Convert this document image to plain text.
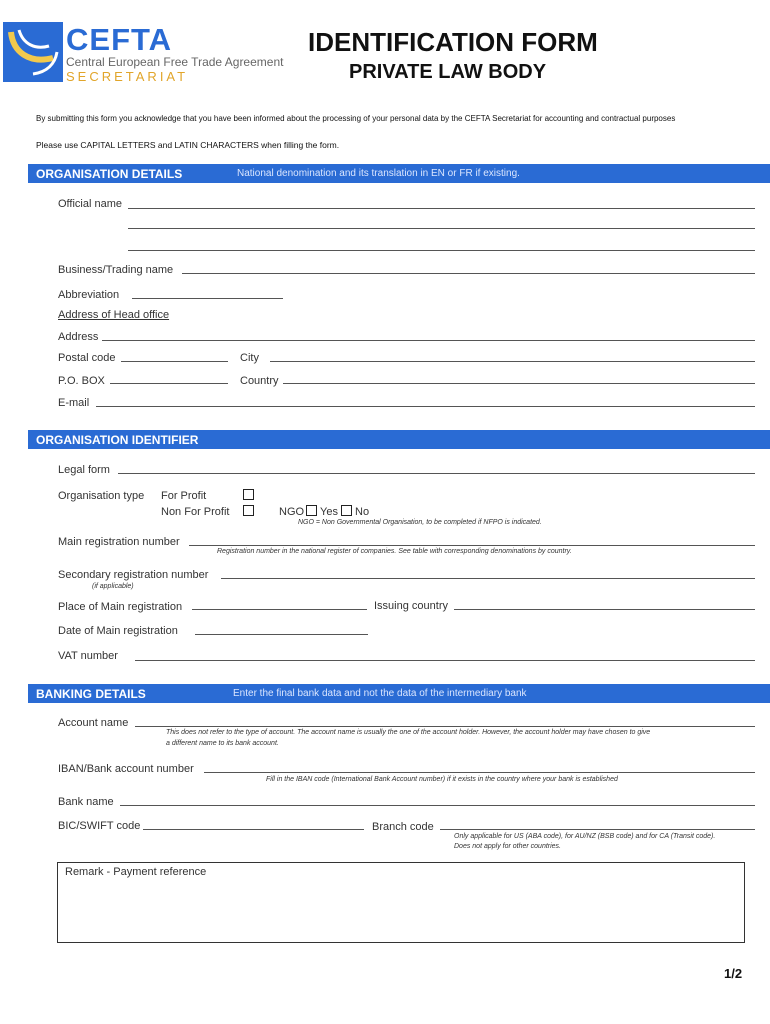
CEFTA
Central European Free Trade Agreement
SECRETARIAT
IDENTIFICATION FORM
PRIVATE LAW BODY
By submitting this form you acknowledge that you have been informed about the processing of your personal data by the CEFTA Secretariat for accounting and contractual purposes
Please use CAPITAL LETTERS and LATIN CHARACTERS when filling the form.
ORGANISATION DETAILS	National denomination and its translation in EN or FR if existing.
Official name
Business/Trading name
Abbreviation
Address of Head office
Address
Postal code	City
P.O. BOX	Country
E-mail
ORGANISATION IDENTIFIER
Legal form
Organisation type For Profit
Non For Profit	NGO Yes No
NGO = Non Governmental Organisation, to be completed if NFPO is indicated.
Main registration number
Registration number in the national register of companies. See table with corresponding denominations by country.
Secondary registration number
(if applicable)
Place of Main registration	Issuing country
Date of Main registration
VAT number
BANKING DETAILS	Enter the final bank data and not the data of the intermediary bank
Account name
This does not refer to the type of account. The account name is usually the one of the account holder. However, the account holder may have chosen to give
a different name to its bank account.
IBAN/Bank account number
Fill in the IBAN code (International Bank Account number) if it exists in the country where your bank is established
Bank name
BIC/SWIFT code	Branch code
Only applicable for US (ABA code), for AU/NZ (BSB code) and for CA (Transit code).
Does not apply for other countries.
Remark - Payment reference
1/2
